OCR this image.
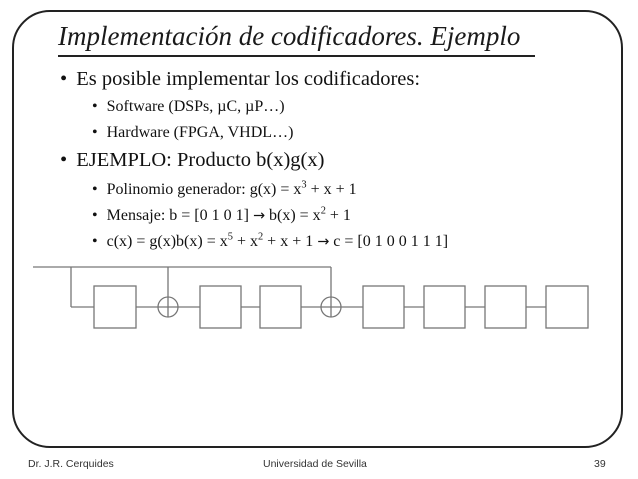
Implementación de codificadores. Ejemplo
• Es posible implementar los codificadores:
• Software (DSPs, µC, µP…)
• Hardware (FPGA, VHDL…)
• EJEMPLO: Producto b(x)g(x)
• Polinomio generador: $g(x) = x^3 + x + 1$
• Mensaje: b = [0 1 0 $1] \to b(x) = x^2 + 1$
• $c(x) = g(x)b(x) = x^5 + x^2 + x + 1 \to c = [0$ 1 0 0 1 1 1]
Dr. J.R. Cerquides	Universidad de Sevilla	39
